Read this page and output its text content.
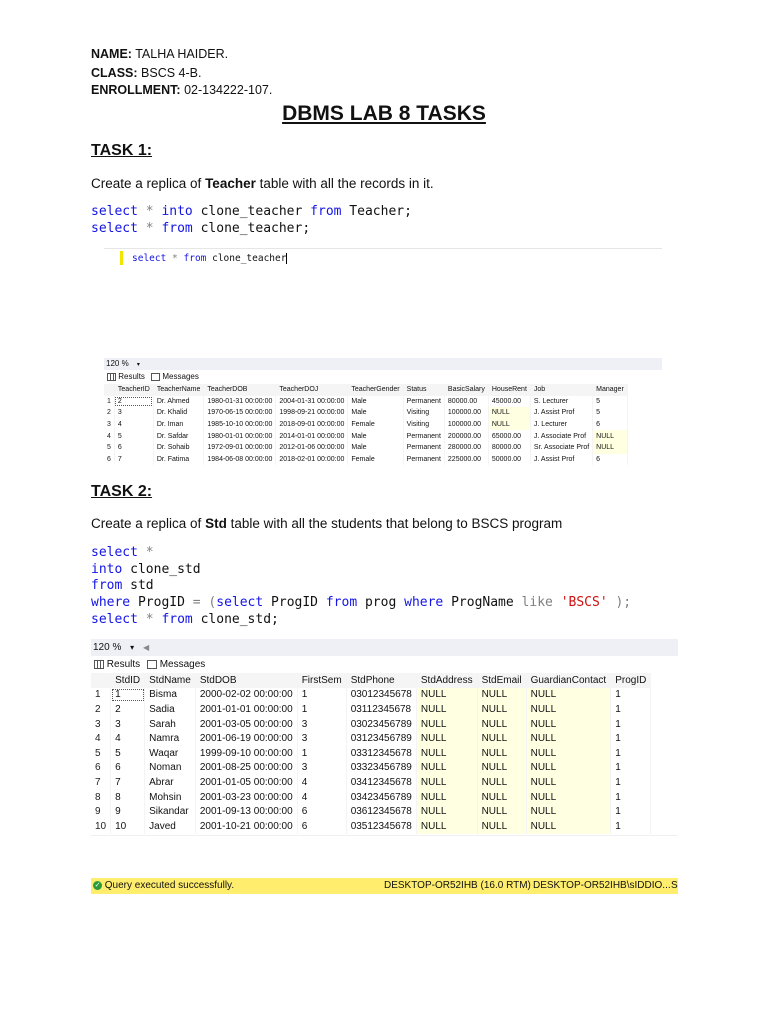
NAME: TALHA HAIDER.
CLASS: BSCS 4-B.
ENROLLMENT: 02-134222-107.
DBMS LAB 8 TASKS
TASK 1:
Create a replica of Teacher table with all the records in it.
select * into clone_teacher from Teacher;
select * from clone_teacher;
select * from clone_teacher
120 % ▾
Results Messages
	TeacherID	TeacherName	TeacherDOB	TeacherDOJ	TeacherGender	Status	BasicSalary	HouseRent	Job	Manager
1	2	Dr. Ahmed	1980-01-31 00:00:00	2004-01-31 00:00:00	Male	Permanent	80000.00	45000.00	S. Lecturer	5
2	3	Dr. Khalid	1970-06-15 00:00:00	1998-09-21 00:00:00	Male	Visiting	100000.00	NULL	J. Assist Prof	5
3	4	Dr. Iman	1985-10-10 00:00:00	2018-09-01 00:00:00	Female	Visiting	100000.00	NULL	J. Lecturer	6
4	5	Dr. Safdar	1980-01-01 00:00:00	2014-01-01 00:00:00	Male	Permanent	200000.00	65000.00	J. Associate Prof	NULL
5	6	Dr. Sohaib	1972-09-01 00:00:00	2012-01-06 00:00:00	Male	Permanent	280000.00	80000.00	Sr. Associate Prof	NULL
6	7	Dr. Fatima	1984-06-08 00:00:00	2018-02-01 00:00:00	Female	Permanent	225000.00	50000.00	J. Assist Prof	6
TASK 2:
Create a replica of Std table with all the students that belong to BSCS program
select *
into clone_std
from std
where ProgID = (select ProgID from prog where ProgName like 'BSCS' );
select * from clone_std;
120 % ▾ ◀
Results Messages
	StdID	StdName	StdDOB	FirstSem	StdPhone	StdAddress	StdEmail	GuardianContact	ProgID
1	1	Bisma	2000-02-02 00:00:00	1	03012345678	NULL	NULL	NULL	1
2	2	Sadia	2001-01-01 00:00:00	1	03112345678	NULL	NULL	NULL	1
3	3	Sarah	2001-03-05 00:00:00	3	03023456789	NULL	NULL	NULL	1
4	4	Namra	2001-06-19 00:00:00	3	03123456789	NULL	NULL	NULL	1
5	5	Waqar	1999-09-10 00:00:00	1	03312345678	NULL	NULL	NULL	1
6	6	Noman	2001-08-25 00:00:00	3	03323456789	NULL	NULL	NULL	1
7	7	Abrar	2001-01-05 00:00:00	4	03412345678	NULL	NULL	NULL	1
8	8	Mohsin	2001-03-23 00:00:00	4	03423456789	NULL	NULL	NULL	1
9	9	Sikandar	2001-09-13 00:00:00	6	03612345678	NULL	NULL	NULL	1
10	10	Javed	2001-10-21 00:00:00	6	03512345678	NULL	NULL	NULL	1
✓ Query executed successfully.	DESKTOP-OR52IHB (16.0 RTM) DESKTOP-OR52IHB\sIDDIO... S
